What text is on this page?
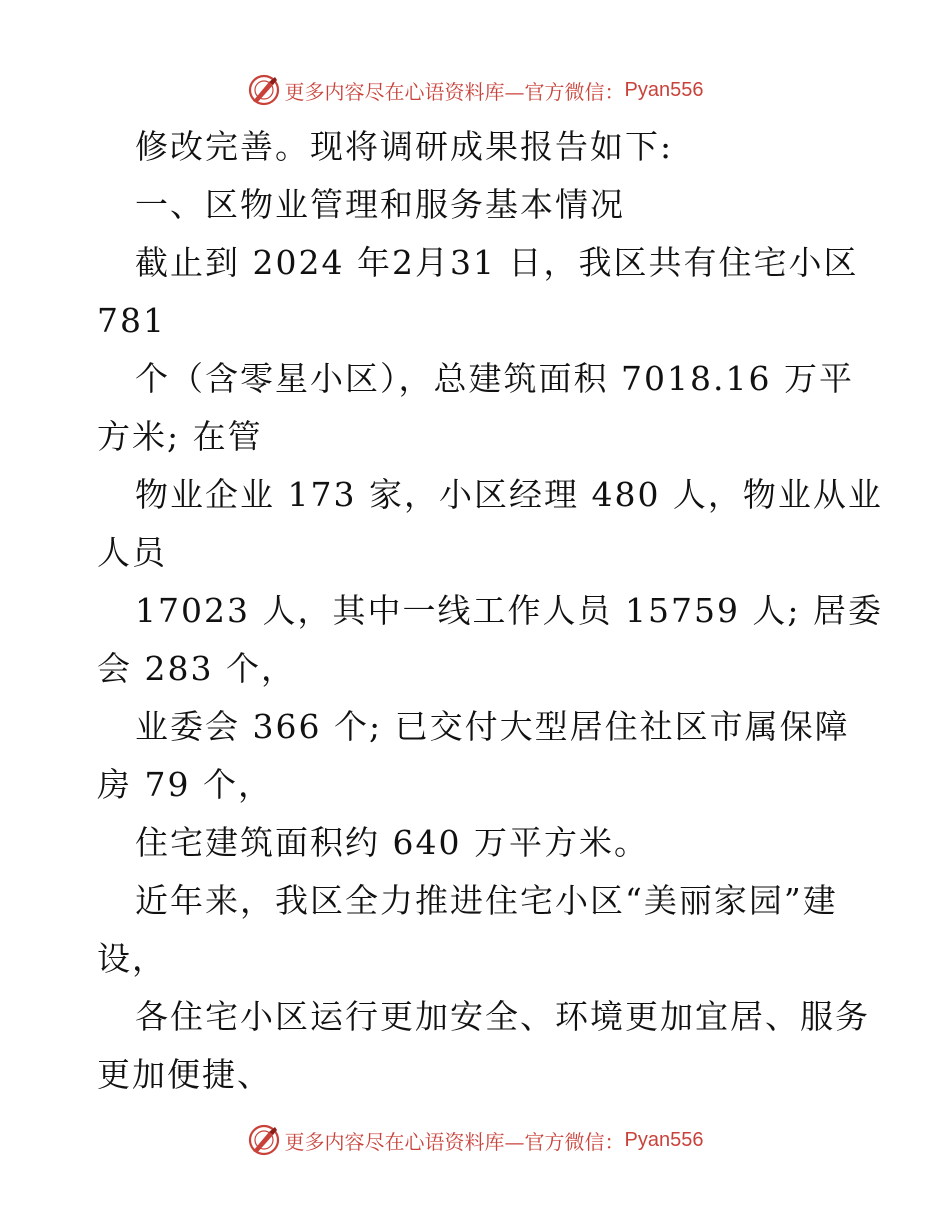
更多内容尽在心语资料库—官方微信： Pyan556
修改完善。现将调研成果报告如下:
一、区物业管理和服务基本情况
截止到 2024 年2月31 日，我区共有住宅小区
781
个（含零星小区），总建筑面积 7018.16 万平
方米; 在管
物业企业 173 家，小区经理 480 人，物业从业
人员
17023 人，其中一线工作人员 15759 人; 居委
会 283 个，
业委会 366 个; 已交付大型居住社区市属保障
房 79 个，
住宅建筑面积约 640 万平方米。
近年来，我区全力推进住宅小区“美丽家园”建
设，
各住宅小区运行更加安全、环境更加宜居、服务
更加便捷、
更多内容尽在心语资料库—官方微信： Pyan556
